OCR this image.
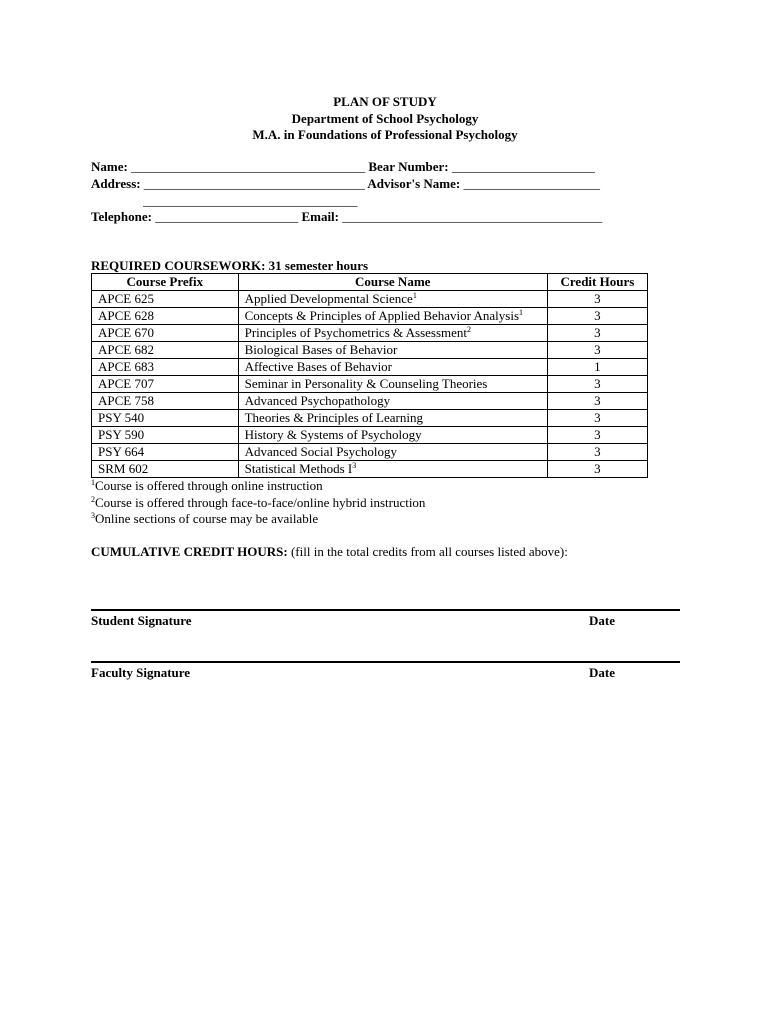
PLAN OF STUDY
Department of School Psychology
M.A. in Foundations of Professional Psychology
Name: ____________________________________ Bear Number: ______________________
Address: __________________________________ Advisor's Name: _____________________
_________________________________
Telephone: ______________________ Email: ________________________________________
REQUIRED COURSEWORK: 31 semester hours
Course Prefix	Course Name	Credit Hours
APCE 625	Applied Developmental Science$^1$	3
APCE 628	Concepts & Principles of Applied Behavior Analysis$^1$	3
APCE 670	Principles of Psychometrics & Assessment$^2$	3
APCE 682	Biological Bases of Behavior	3
APCE 683	Affective Bases of Behavior	1
APCE 707	Seminar in Personality & Counseling Theories	3
APCE 758	Advanced Psychopathology	3
PSY 540	Theories & Principles of Learning	3
PSY 590	History & Systems of Psychology	3
PSY 664	Advanced Social Psychology	3
SRM 602	Statistical Methods $I^3$	3
$^1$Course is offered through online instruction
$^2$Course is offered through face-to-face/online hybrid instruction
$^3$Online sections of course may be available
CUMULATIVE CREDIT HOURS: (fill in the total credits from all courses listed above):
Student Signature	Date
Faculty Signature	Date
